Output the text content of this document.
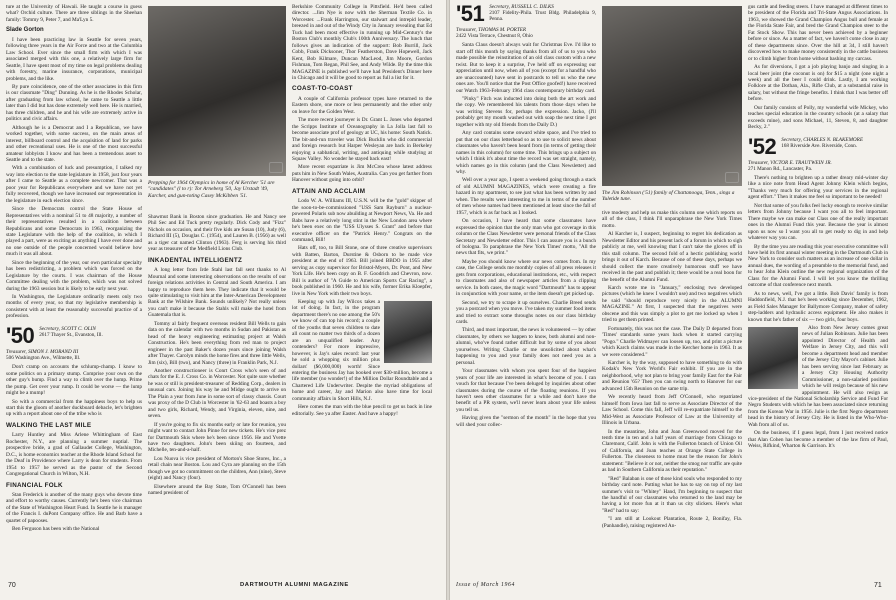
ture at the University of Hawaii. He taught a course in guess what? Orchid culture. There are three siblings in the Sheehan family: Tommy 9, Peter 7, and Ma'Lyn 5.

Slade Gorton

I have been practicing law in Seattle for seven years, following three years in the Air Force and two at the Columbia Law School. Ever since the small firm with which I was associated merged with this one, a relatively large firm for Seattle, I have spent most of my time on legal problems dealing with forestry, marine insurance, corporations, municipal problems, and the like.

By pure coincidence, one of the other associates in this firm is our classmate "Ding" Dunning. As he is the Rhodes Scholar, after graduating from law school, he came to Seattle a little later than I did but has done extremely well here. He is married, has three children, and he and his wife are extremely active in politics and civic affairs.

Although he is a Democrat and I a Republican, we have worked together, with some success, on the main areas of interest, billboard control and the acquisition of land for parks and other recreational uses. He is one of the most successful amateur lobbyists I know and has been a tremendous asset to Seattle and to the state.

With a combination of luck and presumption, I talked my way into election to the state legislature in 1958, just four years after I came to Seattle as a complete newcomer. That was a poor year for Republicans everywhere and we have not yet fully recovered, though we have increased our representation in the legislature in each election since.

Since the Democrats control the State House of Representatives with a nominal 51 to 48 majority, a number of their representatives resulted in a coalition between Republicans and some Democrats in 1963, reorganizing the state Legislature with the help of the coalition, in which I played a part, were as exciting as anything I have ever done and no one outside of the people concerned would believe how much it was all about.

Since the beginning of the year, our own particular specialty has been redistricting, a problem which was forced on the Legislature by the courts. I was chairman of the House Committee dealing with the problem, which was not solved during the 1963 session but is likely to be early next year.

In Washington, the Legislature ordinarily meets only two months of every year, so that my legislative membership is consistent with at least the reasonably successful practice of a profession.

'50 Secretary, SCOTT C. OLIN
2617 Thayer St., Evanston, Ill.
Treasurer, SIMON J. MORAND III
506 Washington Ave., Wilmette, Ill.

Don't cramp on accounts the schlump-champ. I know to some politics on a primary stump. Comprise your own on the other guy's bump. Find a way to climb over the hump. Prime the pump. Get over your rump. It could be worse — the lump might be a mump!

So with a commercial from the happiness boys to help us start this the gloom of another duckboard debacle, let's brighten up with a report about one of the tribe who is

WALKING THE LAST MILE

Larry Huntley and Miss Arlene Whittingham of East Rochester, N.Y., are planning a summer nuptial. The prospective bride, a grad of Gallaudet College, Washington, D.C., is home economics teacher at the Rhode Island School for the Deaf in Providence where Larry is dean for students. From 1954 to 1957 he served as the pastor of the Second Congregational Church in Wilton, N.H.

FINANCIAL FOLK

Stan Frederick is another of the many guys who devote time and effort to worthy causes. Currently he's been vice chairman of the State of Washington Heart Fund. In Seattle he is manager of the Francis I. duPont Company office. He and Barb have a quartet of papooses.

Ben Ferguson has been with the National

Prepping for 1964 Olympics in home of Al Kercher '51 are "candidates" (l to r): Tor Arneberg '50, Jay Urstadt '49, Karcher, and gun-toting Casey McKibben '51.

Shawmut Bank in Boston since graduation. He and Nancy see Phil Sec and Ed Tuck pretty regularly. Dick Cody and "Fizz" Nichols on occasion, and their five kids are Susan (10), Judy (6), Richard III (5), Douglas C. (1954), and Lauren B. (1956) as well as a tiger cat named Clinton (1963). Ferg is serving his third year as treasurer of the Medfield Lions Club.

INKADENTAL INTELLIGENTZ

A long letter from Irde Stahl last fall sent thanks to Al Mournal and some interesting observations on the results of our foreign relations activities in Central and South America. I am happy to reproduce them here. They indicate that it would be quite stimulating to visit him at the Inter-American Development Bank at the Wilshire Bank. Sounds unlikely? Not really unless you can't make it because the Stahls will make the hotel from Guatemala that is.

Tommy al fairly frequent overseas resident Bill Wells to gain data on the calendar with two months in Sudan and Pakistan as head of the heavy engineering estimating project at Walsh Construction. He's been everything from red man to project engineer in the past Baker's dozen years since joining Walsh after Thayer. Carolyn minds the home fires and three little Wells, Jim (six), Bill (two), and Nancy (three) in Franklin Park, N.J.

Another constructioneer is Conrt Cross who's seen of and chats for the E. J. Cross Co. in Worcester. Not quite sure whether he was or still is president-treasurer of Redding Corp., dealers in unusual cars. Joining his way he and Midge ought to arrive on The Plain a year from June in some sort of classy chassis. Court was proxy of the D Club in Worcester in '62-63 and boasts a boy and two girls, Richard, Wendy, and Virginia, eleven, nine, and seven.

If you're going to fix six months early or late for reunion, you might want to contact John Pinne for new tickets. He's vice prez for Dartmouth Skis where he's been since 1956. He and Yvette have two daughters. John's been skiing on fourteen, and Michelle, ten-and-a-half.

Lou Nuova is vice president of Morton's Shoe Stores, Inc., a retail chain near Boston. Lou and Cyra are planning on the 15th though we got no commitment on the children, Ann (nine), Steve (eight) and Nancy (four).

Elsewhere around the Bay State, Tom O'Connell has been named president of

Berkshire Community College in Pittsfield. He'd been called director. ...Jim Nye is now with the Sherman Textile Co. in Worcester. ...Frank Harrington, our stalwart and intrepid leader, breezed in and out of the Windy City in January revealing that Ed Tuck had been most effective in running up Mid-Century's the Boston Club's monthly Club's 100th Anniversary. The lunch that follows gives an indication of the support: Bob Burrill, Jack Cobb, Frank Dicksoner, Thor Featherston, Dave Hopewell, Jack Kent, Bob Kilmare, Duncan MacLeod, Jim Moore, Gordon Fishman, Tom Regan, Phil See, and Andy Wilde. By the time this MAGAZINE is published we'll have had President's Dinner here in Chicago and it will be good to report as full a list for it.

COAST-TO-COAST

A couple of California professor types have returned to the Eastern shore, one more or less permanently and the other only on leave for the Golden West.

The more recent journeyer is Dr. Grant L. Jones who departed the Scripps Institute of Oceanography in La Jolla last fall to become associate prof of geology at UC, his home: South Natick. The bit-and-run traveler was Dick Bucklin who did commercial and foreign research but Harper Wesleyan are back in Berkeley enjoying a sabbatical, writing, and antiquing while studying at Squaw Valley. No wonder he stayed back east!

More recent expatriate is Jim McCrea whose latest address puts him in New South Wales, Australia. Can you get farther from Hanover without going into orbit?

ATTAIN AND ACCLAIM

Lodo W. A. Williams III, U.S.N. will be the "gold" skipper of the soon-to-be-commissioned "USS Sam Rayburn" a nuclear-powered Polaris sub now abuilding at Newport News, Va. He and Babs have a relatively long stint in the New London area where he's been exec on the "USS Ulysses S. Grant" and before that executive officer on the "Patrick Henry." Congrats on the command, Bill!

Hats off, too, to Bill Stone, one of three creative supervisors with Batten, Barton, Durstine & Osborn to be made vice president at the end of 1963. Bill joined BBDO in 1955 after serving as copy supervisor for Bristol-Myers, Dr. Pont, and New York Life. He's been copy on B. F. Goodrich and Chevron, now. Bill is author of "A Guide to American Sports Car Racing", a book published in 1960. He and his wife, former Erika Kloepfer, live in New York with their two boys.

Keeping up with Jay Wilcox takes a lot of doing. In fact, in the program department there's no one among the 50's we know of can top his record; a couple of the youths that seven children to date all count no matter two thirds of a dozen are an unqualified leader. Any contenders? For more impressive, however, is Jay's sales record: last year he sold a whopping six million plus dollars' ($6,000,000) worth! Since entering the business Jay has booked over $30-million, become a life member (no wonder!) of the Million Dollar Roundtable and a Chartered Life Underwriter. Despite the myriad obligations of home and career, Jay and Marion also have time for local community affairs in Short Hills, N.J.

Here comes the man with the blue pencil to get us back in line editorially. See ya after Easter. And have a happy!

70	DARTMOUTH ALUMNI MAGAZINE
'51 Secretary, RUSSELL C. DILKS
2107 Fidelity-Phila. Trust Bldg. Philadelphia 9, Penna.
Treasurer, THOMAS M. PORTER
2422 Vista Terrace, Chestnut 8, Ohio

Santa Claus doesn't always wait for Christmas Eve. I'd like to start off this month by saying thanks from all of us to you who made possible the reinstitution of an old class custom with a new twist. But to keep it a surprise, I've held off on expressing our appreciation until now, when all of you (except for a handful who are unaccounted) have sent in postcards to tell us who the new ones are. You'll notice that the Post Office goofed!) have received our Watch 1963-February 1964 class contemporary birthday card.

"Pinky" Fitch was inducted into doing both the art work and the copy. We remembered his talents from those days when he was writing Stevens for, perhaps the expression. Jacko, (I'll probably get my mouth washed out with soap the next time I get together with my old friends from the Daily D.)

Any card contains some onward white space, and I've tried to put that on our class letterhead so as to use to solicit news about classmates who haven't been heard from (in terms of getting their names in this column) for some time. This brings up a subject on which I think it's about time the record was set straight, namely, which names go in this column (and the Class Newsletter) and why.

Well over a year ago, I spent a weekend going through a stack of old ALUMNI MAGAZINES, which were creating a fire hazard in my apartment, to see just what has been written by and when. The results were interesting to me in terms of the number of men whose names had been mentioned at least since the fall of 1957, which is as far back as I looked.

On occasion, I have heard that some classmates have expressed the opinion that the only man who got coverage in this column or the Class Newsletter were personal friends of the Class Secretary and Newsletter editor. This I can assure you is a bunch of bologna. To paraphrase the New York Times' motto, "All the news that fits, we print."

Maybe you should know where our news comes from. In my case, the College sends me monthly copies of all press releases it gets from corporations, educational institutions, etc., with respect to classmates and also of newspaper articles from a clipping service. In both cases, the magic word "Dartmouth" has to appear in conjunction with your name, or the item doesn't get picked up.

Second, we try to scrape it up ourselves. Charlie Breed sends you a postcard when you move. I've taken my summer food items and tried to extract some throughs notes on our class birthday cards.

Third, and most important, the news is volunteered — by other classmates, by others we happen to know, both alumni and non-alumni, who've found rather difficult but by some of you about yourselves. Writing Charlie or me unsolicited about what's happening to you and your family does not need you as a personal.

Your classmates with whom you spent four of the happiest years of your life are interested in what's become of you. I can vouch for that because I've been deluged by inquiries about other classmates during the course of the floating reunions. If you haven't seen other classmates for a while and don't have the benefit of a PR system, we'll never learn about your life unless you tell us.

Having given the "sermon of the month" in the hope that you will shed your collec-

The Jim Robinson ('51) family of Chattanooga, Tenn., sings a Yuletide tune.

tive modesty and help us make this column one which reports on all of the class, I think I'll unparaphrase the New York Times motto.

Al Karcher is, I suspect, beginning to regret his dedication as Newsletter Editor and his present lack of a forum in which to sigh publicly at me, well knowing that I can't take the gloves off in this stall column. The second fold of a hectic publishing world brings it out of Karch. Because of one of these days, perhaps we should collect the more creatively humorous stuff we have received in the past and publish it; there would be a real boon for the benefit of the Alumni Fund.

Karch wrote me in "January," enclosing two developed pictures (which he knew I wouldn't use) and two negatives which he said "should reproduce very nicely in the ALUMNI MAGAZINE." At first, I suspected that the negatives were obscene and this was simply a plot to get me locked up when I tried to get them printed.

Fortunately, this was not the case. The Daily D departed from 'Times' standards some years back when it started carrying "Pogo." Charlie Widmayer can loosen up, too, and print a picture which Karch claims was made in the Kercher home in 1963. It as we were considered."

Karcher is, by the way, supposed to have something to do with Kodak's New York World's Fair exhibit. If you are in the neighborhood, why not plan to bring your family East for the Fair and Reunion '65? Then you can swing north to Hanover for our advanced 15th Reunion on the same trip.

We recently heard from Jeff O'Connell, who repatriated himself from Iowa last fall to serve as Associate Director of the Law School. Come this fall, Jeff will re-expatriate himself to the Mid-West as Associate Professor of Law at the University of Illinois in Urbana.

In the meantime, John and Joan Greenwood moved for the tenth time in ten and a half years of marriage from Chicago to Claremont, Calif. John is with the Fullerton branch of Union Oil of California, and Joan teaches at Orange State College in Fullerton. The closeness to home must be the reason for John's statement: "Believe it or not, neither the smog nor traffic are quite as bad in Southern California as their reputation."

"Red" Balaban is one of those kind souls who responded to my birthday card note. Putting what he has to say on top of my last summer's visit to "Whitey" Hand, I'm beginning to suspect that the handful of our classmates who returned to the land may be having a lot more fun at it than us city slickers. Here's what "Red" had to say:

"I am still at Lookout Plantation, Route 2, Bonifay, Fla. (Panhandle), raising registered An-

gus cattle and feeding steers. I have managed at different times to be president of the Florida and Tri-State Angus Associations. In 1963, we showed the Grand Champion Angus bull and female at the Florida State Fair, and bred the Grand Champion steer to the Fat Stock Show. This has never been achieved by a beginner before or since. As a matter of fact, we haven't come close in any of these departments since. Over the hill at 34, I still haven't discovered how to make money consistently in the cattle business or to climb higher from home without bashing my carcass.

As for diversions, I got a job playing banjo and singing in a local beer joint (the coconut is on) for $15 a night (one night a week) and all the beer I could drink. Lastly, I am working Folklore at the Dothan, Ala., Rifle Club, at a substantial raise in salary, but without the fringe benefits. I think that I was better off before.

Our family consists of Polly, my wonderful wife Mickey, who teaches special education in the country schools (at a salary that exceeds mine), and sons Michael, 11, Steven, 8, and daughter Becky, 2."

'52 Secretary, CHARLES N. BLAKEMORE
168 Riverside Ave. Riverside, Conn.
Treasurer, VICTOR E. TRAUTWEIN JR.
271 Manon Rd., Lancaster, Pa.

There's nothing to brighten up a rather dreary mid-winter day like a nice note from Head Agent Johnny Klein which begins, "Thanks very much for offering your services in the regional agent effort." Then it makes me feel so important to be needed!

Not that some of you folks feel lucky enough to receive similar letters from Johnny because I want you all to feel important. There maybe we can make our Class one of the really important ones in the Alumni Fund this year. Because the year is almost upon us now so I want you all to get ready to dig in and help whatever way you can.

By the time you are reading this your executive committee will have held its first annual winter meeting in the Dartmouth Club in New York to consider such matters as an increase of one dollar in annual dues, the wording of a preamble to the memorial fund, and to hear John Klein outline the new regional organization of the Class for the Alumni Fund. I will let you know the thrilling outcome of that conference next month.

As to news, well, I've got a little. Bob Davis' family is from Haddonfield, N.J. that he's been working since December, 1962, as Field Sales Manager for Ballymore Company, maker of safety step-ladders and hydraulic access equipment. He also makes it known that he's father of six — two girls, four boys.

Also from New Jersey comes great news of Julian Robinson. Julie has been appointed Director of Health and Welfare in Jersey City, and this will become a department head and member of the Jersey City Mayor's cabinet. Julie has been serving since last February as a Jersey City Housing Authority Commissioner, a non-salaried position which he will resign because of his new appointment. He will also resign as vice-president of the National Scholarship Service and Fund For Negro Students with which he has been associated since returning from the Korean War in 1956. Julie is the first Negro department head in the history of Jersey City. He is listed in the Who-Who-Wah from all of us.

On the business, if I guess legal, from I just received notice that Alan Cohen has become a member of the law firm of Paul, Weiss, Rifkind, Wharton & Garrison. It's

Issue of March 1964	71
